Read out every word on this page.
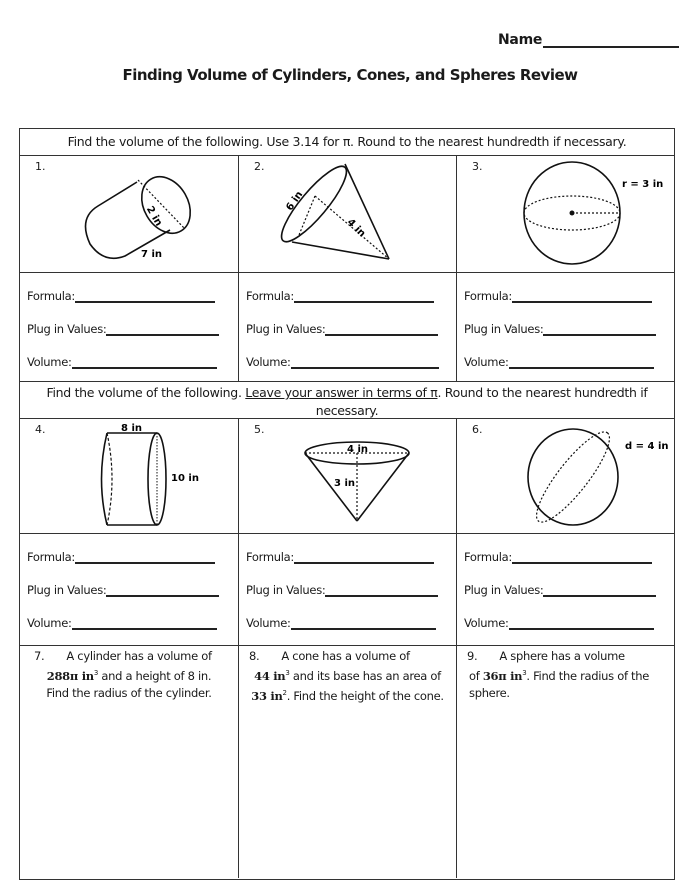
Name
Finding Volume of Cylinders, Cones, and Spheres Review
Find the volume of the following. Use 3.14 for π. Round to the nearest hundredth if necessary.
1.
2 in
7 in
2.
6 in
4 in
3.
r = 3 in
Formula:
Plug in Values:
Volume:
Formula:
Plug in Values:
Volume:
Formula:
Plug in Values:
Volume:
Find the volume of the following. Leave your answer in terms of π. Round to the nearest hundredth if necessary.
4.	8 in
10 in
5.
4 in
3 in
6.
d = 4 in
Formula:
Plug in Values:
Volume:
Formula:
Plug in Values:
Volume:
Formula:
Plug in Values:
Volume:
7. A cylinder has a volume of
288π $in^3$ and a height of 8 in.
Find the radius of the cylinder.
8. A cone has a volume of
44 $in^3$ and its base has an area of
33 $in^2$. Find the height of the cone.
9. A sphere has a volume
of 36π $in^3$. Find the radius of the
sphere.
